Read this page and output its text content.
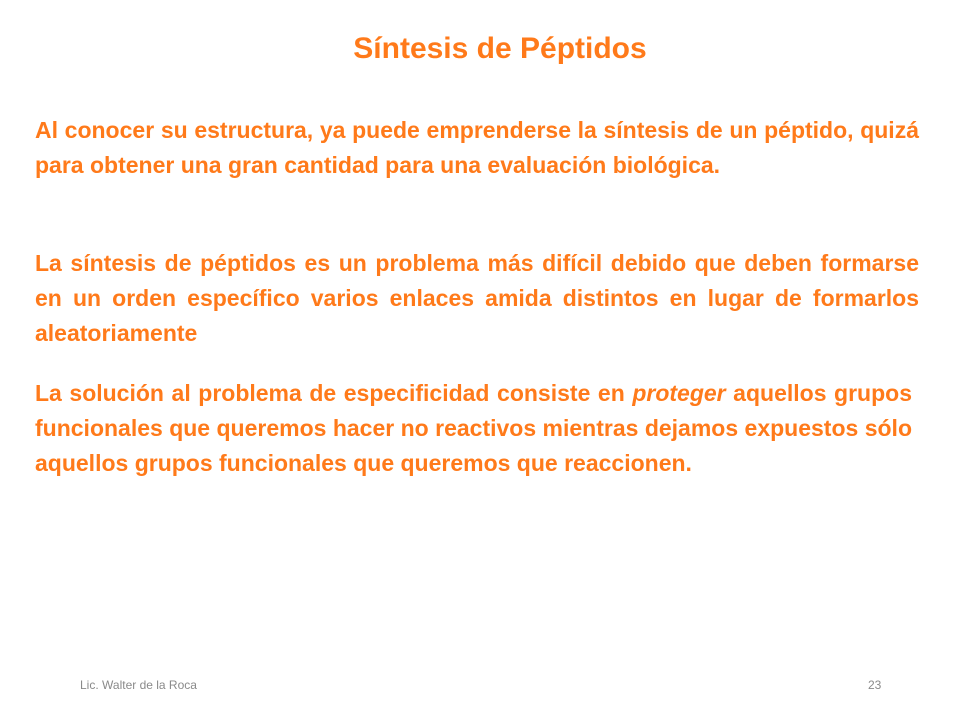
Síntesis de Péptidos

Al conocer su estructura, ya puede emprenderse la síntesis de un péptido, quizá para obtener una gran cantidad para una evaluación biológica.

La síntesis de péptidos es un problema más difícil debido que deben formarse en un orden específico varios enlaces amida distintos en lugar de formarlos aleatoriamente

La solución al problema de especificidad consiste en proteger aquellos grupos funcionales que queremos hacer no reactivos mientras dejamos expuestos sólo aquellos grupos funcionales que queremos que reaccionen.

Lic. Walter de la Roca	23
